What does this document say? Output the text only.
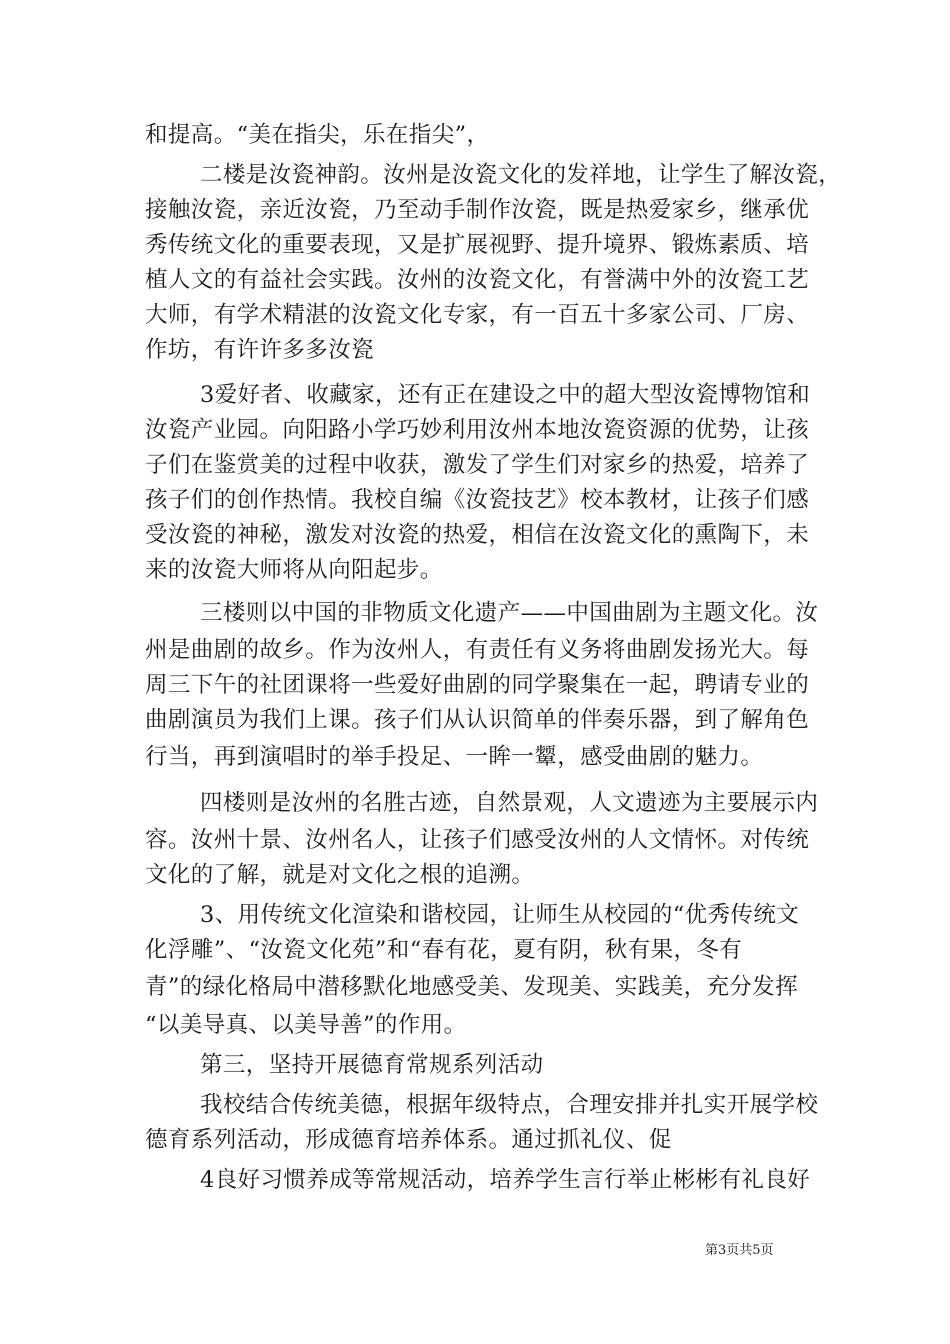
和提高。“美在指尖，乐在指尖”，
二楼是汝瓷神韵。汝州是汝瓷文化的发祥地，让学生了解汝瓷，
接触汝瓷，亲近汝瓷，乃至动手制作汝瓷，既是热爱家乡，继承优
秀传统文化的重要表现，又是扩展视野、提升境界、锻炼素质、培
植人文的有益社会实践。汝州的汝瓷文化，有誉满中外的汝瓷工艺
大师，有学术精湛的汝瓷文化专家，有一百五十多家公司、厂房、
作坊，有许许多多汝瓷
3爱好者、收藏家，还有正在建设之中的超大型汝瓷博物馆和
汝瓷产业园。向阳路小学巧妙利用汝州本地汝瓷资源的优势，让孩
子们在鉴赏美的过程中收获，激发了学生们对家乡的热爱，培养了
孩子们的创作热情。我校自编《汝瓷技艺》校本教材，让孩子们感
受汝瓷的神秘，激发对汝瓷的热爱，相信在汝瓷文化的熏陶下，未
来的汝瓷大师将从向阳起步。
三楼则以中国的非物质文化遗产——中国曲剧为主题文化。汝
州是曲剧的故乡。作为汝州人，有责任有义务将曲剧发扬光大。每
周三下午的社团课将一些爱好曲剧的同学聚集在一起，聘请专业的
曲剧演员为我们上课。孩子们从认识简单的伴奏乐器，到了解角色
行当，再到演唱时的举手投足、一眸一颦，感受曲剧的魅力。
四楼则是汝州的名胜古迹，自然景观，人文遗迹为主要展示内
容。汝州十景、汝州名人，让孩子们感受汝州的人文情怀。对传统
文化的了解，就是对文化之根的追溯。
3、用传统文化渲染和谐校园，让师生从校园的“优秀传统文
化浮雕”、“汝瓷文化苑”和“春有花，夏有阴，秋有果，冬有
青”的绿化格局中潜移默化地感受美、发现美、实践美，充分发挥
“以美导真、以美导善”的作用。
第三，坚持开展德育常规系列活动
我校结合传统美德，根据年级特点，合理安排并扎实开展学校
德育系列活动，形成德育培养体系。通过抓礼仪、促
4良好习惯养成等常规活动，培养学生言行举止彬彬有礼良好
第3页共5页
